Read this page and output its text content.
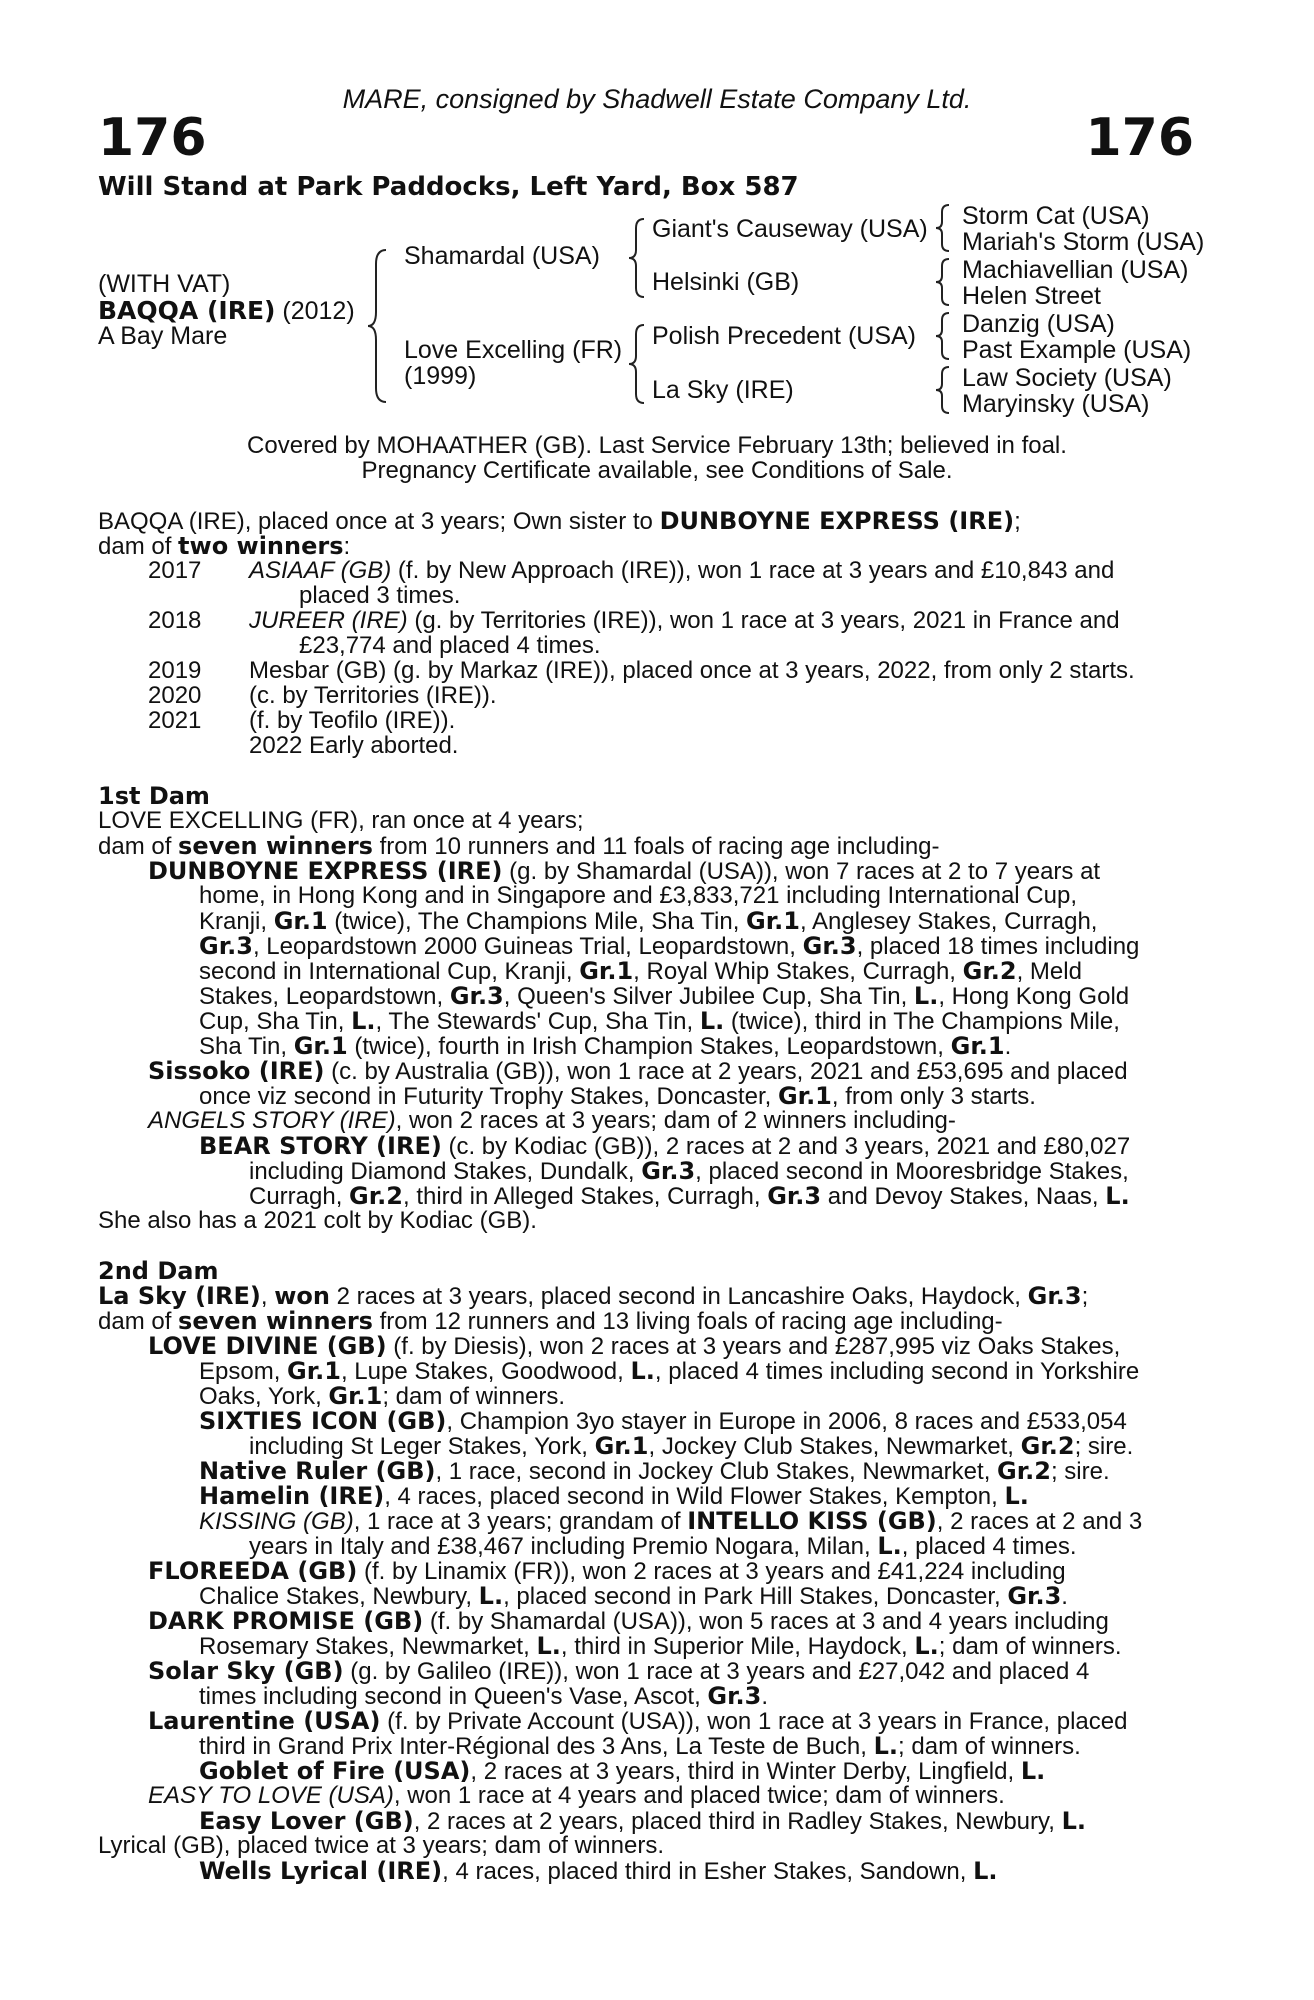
MARE, consigned by Shadwell Estate Company Ltd.
176	176
Will Stand at Park Paddocks, Left Yard, Box 587
(WITH VAT)
BAQQA (IRE) (2012)
A Bay Mare
Shamardal (USA)
Love Excelling (FR)
(1999)
Giant's Causeway (USA)
Helsinki (GB)
Polish Precedent (USA)
La Sky (IRE)
Storm Cat (USA)
Mariah's Storm (USA)
Machiavellian (USA)
Helen Street
Danzig (USA)
Past Example (USA)
Law Society (USA)
Maryinsky (USA)
Covered by MOHAATHER (GB). Last Service February 13th; believed in foal.
Pregnancy Certificate available, see Conditions of Sale.
BAQQA (IRE), placed once at 3 years; Own sister to DUNBOYNE EXPRESS (IRE);
dam of two winners:
2017 ASIAAF (GB) (f. by New Approach (IRE)), won 1 race at 3 years and £10,843 and
placed 3 times.
2018 JUREER (IRE) (g. by Territories (IRE)), won 1 race at 3 years, 2021 in France and
£23,774 and placed 4 times.
2019 Mesbar (GB) (g. by Markaz (IRE)), placed once at 3 years, 2022, from only 2 starts.
2020 (c. by Territories (IRE)).
2021 (f. by Teofilo (IRE)).
2022 Early aborted.
1st Dam
LOVE EXCELLING (FR), ran once at 4 years;
dam of seven winners from 10 runners and 11 foals of racing age including-
DUNBOYNE EXPRESS (IRE) (g. by Shamardal (USA)), won 7 races at 2 to 7 years at
home, in Hong Kong and in Singapore and £3,833,721 including International Cup,
Kranji, Gr.1 (twice), The Champions Mile, Sha Tin, Gr.1, Anglesey Stakes, Curragh,
Gr.3, Leopardstown 2000 Guineas Trial, Leopardstown, Gr.3, placed 18 times including
second in International Cup, Kranji, Gr.1, Royal Whip Stakes, Curragh, Gr.2, Meld
Stakes, Leopardstown, Gr.3, Queen's Silver Jubilee Cup, Sha Tin, L., Hong Kong Gold
Cup, Sha Tin, L., The Stewards' Cup, Sha Tin, L. (twice), third in The Champions Mile,
Sha Tin, Gr.1 (twice), fourth in Irish Champion Stakes, Leopardstown, Gr.1.
Sissoko (IRE) (c. by Australia (GB)), won 1 race at 2 years, 2021 and £53,695 and placed
once viz second in Futurity Trophy Stakes, Doncaster, Gr.1, from only 3 starts.
ANGELS STORY (IRE), won 2 races at 3 years; dam of 2 winners including-
BEAR STORY (IRE) (c. by Kodiac (GB)), 2 races at 2 and 3 years, 2021 and £80,027
including Diamond Stakes, Dundalk, Gr.3, placed second in Mooresbridge Stakes,
Curragh, Gr.2, third in Alleged Stakes, Curragh, Gr.3 and Devoy Stakes, Naas, L.
She also has a 2021 colt by Kodiac (GB).
2nd Dam
La Sky (IRE), won 2 races at 3 years, placed second in Lancashire Oaks, Haydock, Gr.3;
dam of seven winners from 12 runners and 13 living foals of racing age including-
LOVE DIVINE (GB) (f. by Diesis), won 2 races at 3 years and £287,995 viz Oaks Stakes,
Epsom, Gr.1, Lupe Stakes, Goodwood, L., placed 4 times including second in Yorkshire
Oaks, York, Gr.1; dam of winners.
SIXTIES ICON (GB), Champion 3yo stayer in Europe in 2006, 8 races and £533,054
including St Leger Stakes, York, Gr.1, Jockey Club Stakes, Newmarket, Gr.2; sire.
Native Ruler (GB), 1 race, second in Jockey Club Stakes, Newmarket, Gr.2; sire.
Hamelin (IRE), 4 races, placed second in Wild Flower Stakes, Kempton, L.
KISSING (GB), 1 race at 3 years; grandam of INTELLO KISS (GB), 2 races at 2 and 3
years in Italy and £38,467 including Premio Nogara, Milan, L., placed 4 times.
FLOREEDA (GB) (f. by Linamix (FR)), won 2 races at 3 years and £41,224 including
Chalice Stakes, Newbury, L., placed second in Park Hill Stakes, Doncaster, Gr.3.
DARK PROMISE (GB) (f. by Shamardal (USA)), won 5 races at 3 and 4 years including
Rosemary Stakes, Newmarket, L., third in Superior Mile, Haydock, L.; dam of winners.
Solar Sky (GB) (g. by Galileo (IRE)), won 1 race at 3 years and £27,042 and placed 4
times including second in Queen's Vase, Ascot, Gr.3.
Laurentine (USA) (f. by Private Account (USA)), won 1 race at 3 years in France, placed
third in Grand Prix Inter-Régional des 3 Ans, La Teste de Buch, L.; dam of winners.
Goblet of Fire (USA), 2 races at 3 years, third in Winter Derby, Lingfield, L.
EASY TO LOVE (USA), won 1 race at 4 years and placed twice; dam of winners.
Easy Lover (GB), 2 races at 2 years, placed third in Radley Stakes, Newbury, L.
Lyrical (GB), placed twice at 3 years; dam of winners.
Wells Lyrical (IRE), 4 races, placed third in Esher Stakes, Sandown, L.
